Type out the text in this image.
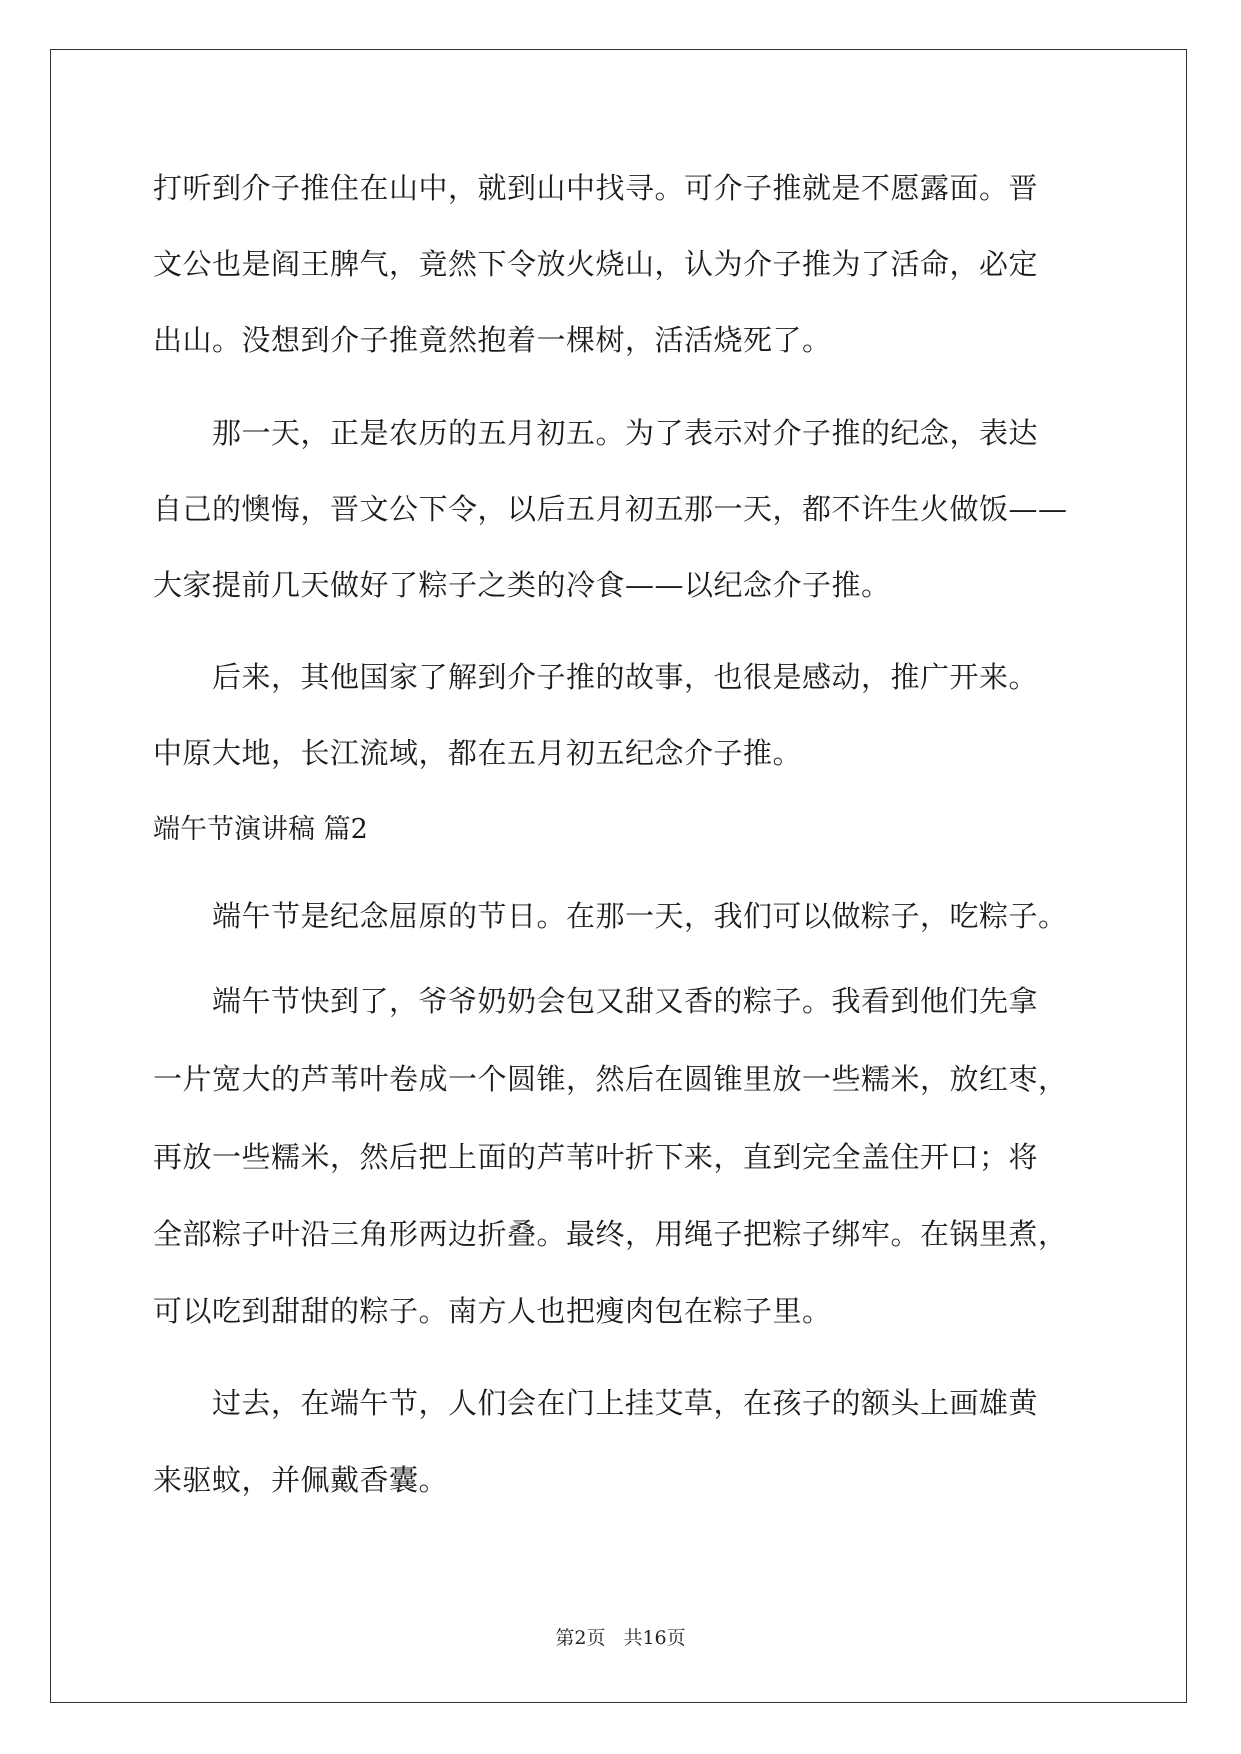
打听到介子推住在山中，就到山中找寻。可介子推就是不愿露面。晋
文公也是阎王脾气，竟然下令放火烧山，认为介子推为了活命，必定
出山。没想到介子推竟然抱着一棵树，活活烧死了。
　　那一天，正是农历的五月初五。为了表示对介子推的纪念，表达
自己的懊悔，晋文公下令，以后五月初五那一天，都不许生火做饭——
大家提前几天做好了粽子之类的冷食——以纪念介子推。
　　后来，其他国家了解到介子推的故事，也很是感动，推广开来。
中原大地，长江流域，都在五月初五纪念介子推。
端午节演讲稿 篇2
　　端午节是纪念屈原的节日。在那一天，我们可以做粽子，吃粽子。
　　端午节快到了，爷爷奶奶会包又甜又香的粽子。我看到他们先拿
一片宽大的芦苇叶卷成一个圆锥，然后在圆锥里放一些糯米，放红枣，
再放一些糯米，然后把上面的芦苇叶折下来，直到完全盖住开口；将
全部粽子叶沿三角形两边折叠。最终，用绳子把粽子绑牢。在锅里煮，
可以吃到甜甜的粽子。南方人也把瘦肉包在粽子里。
　　过去，在端午节，人们会在门上挂艾草，在孩子的额头上画雄黄
来驱蚊，并佩戴香囊。
第2页 共16页
